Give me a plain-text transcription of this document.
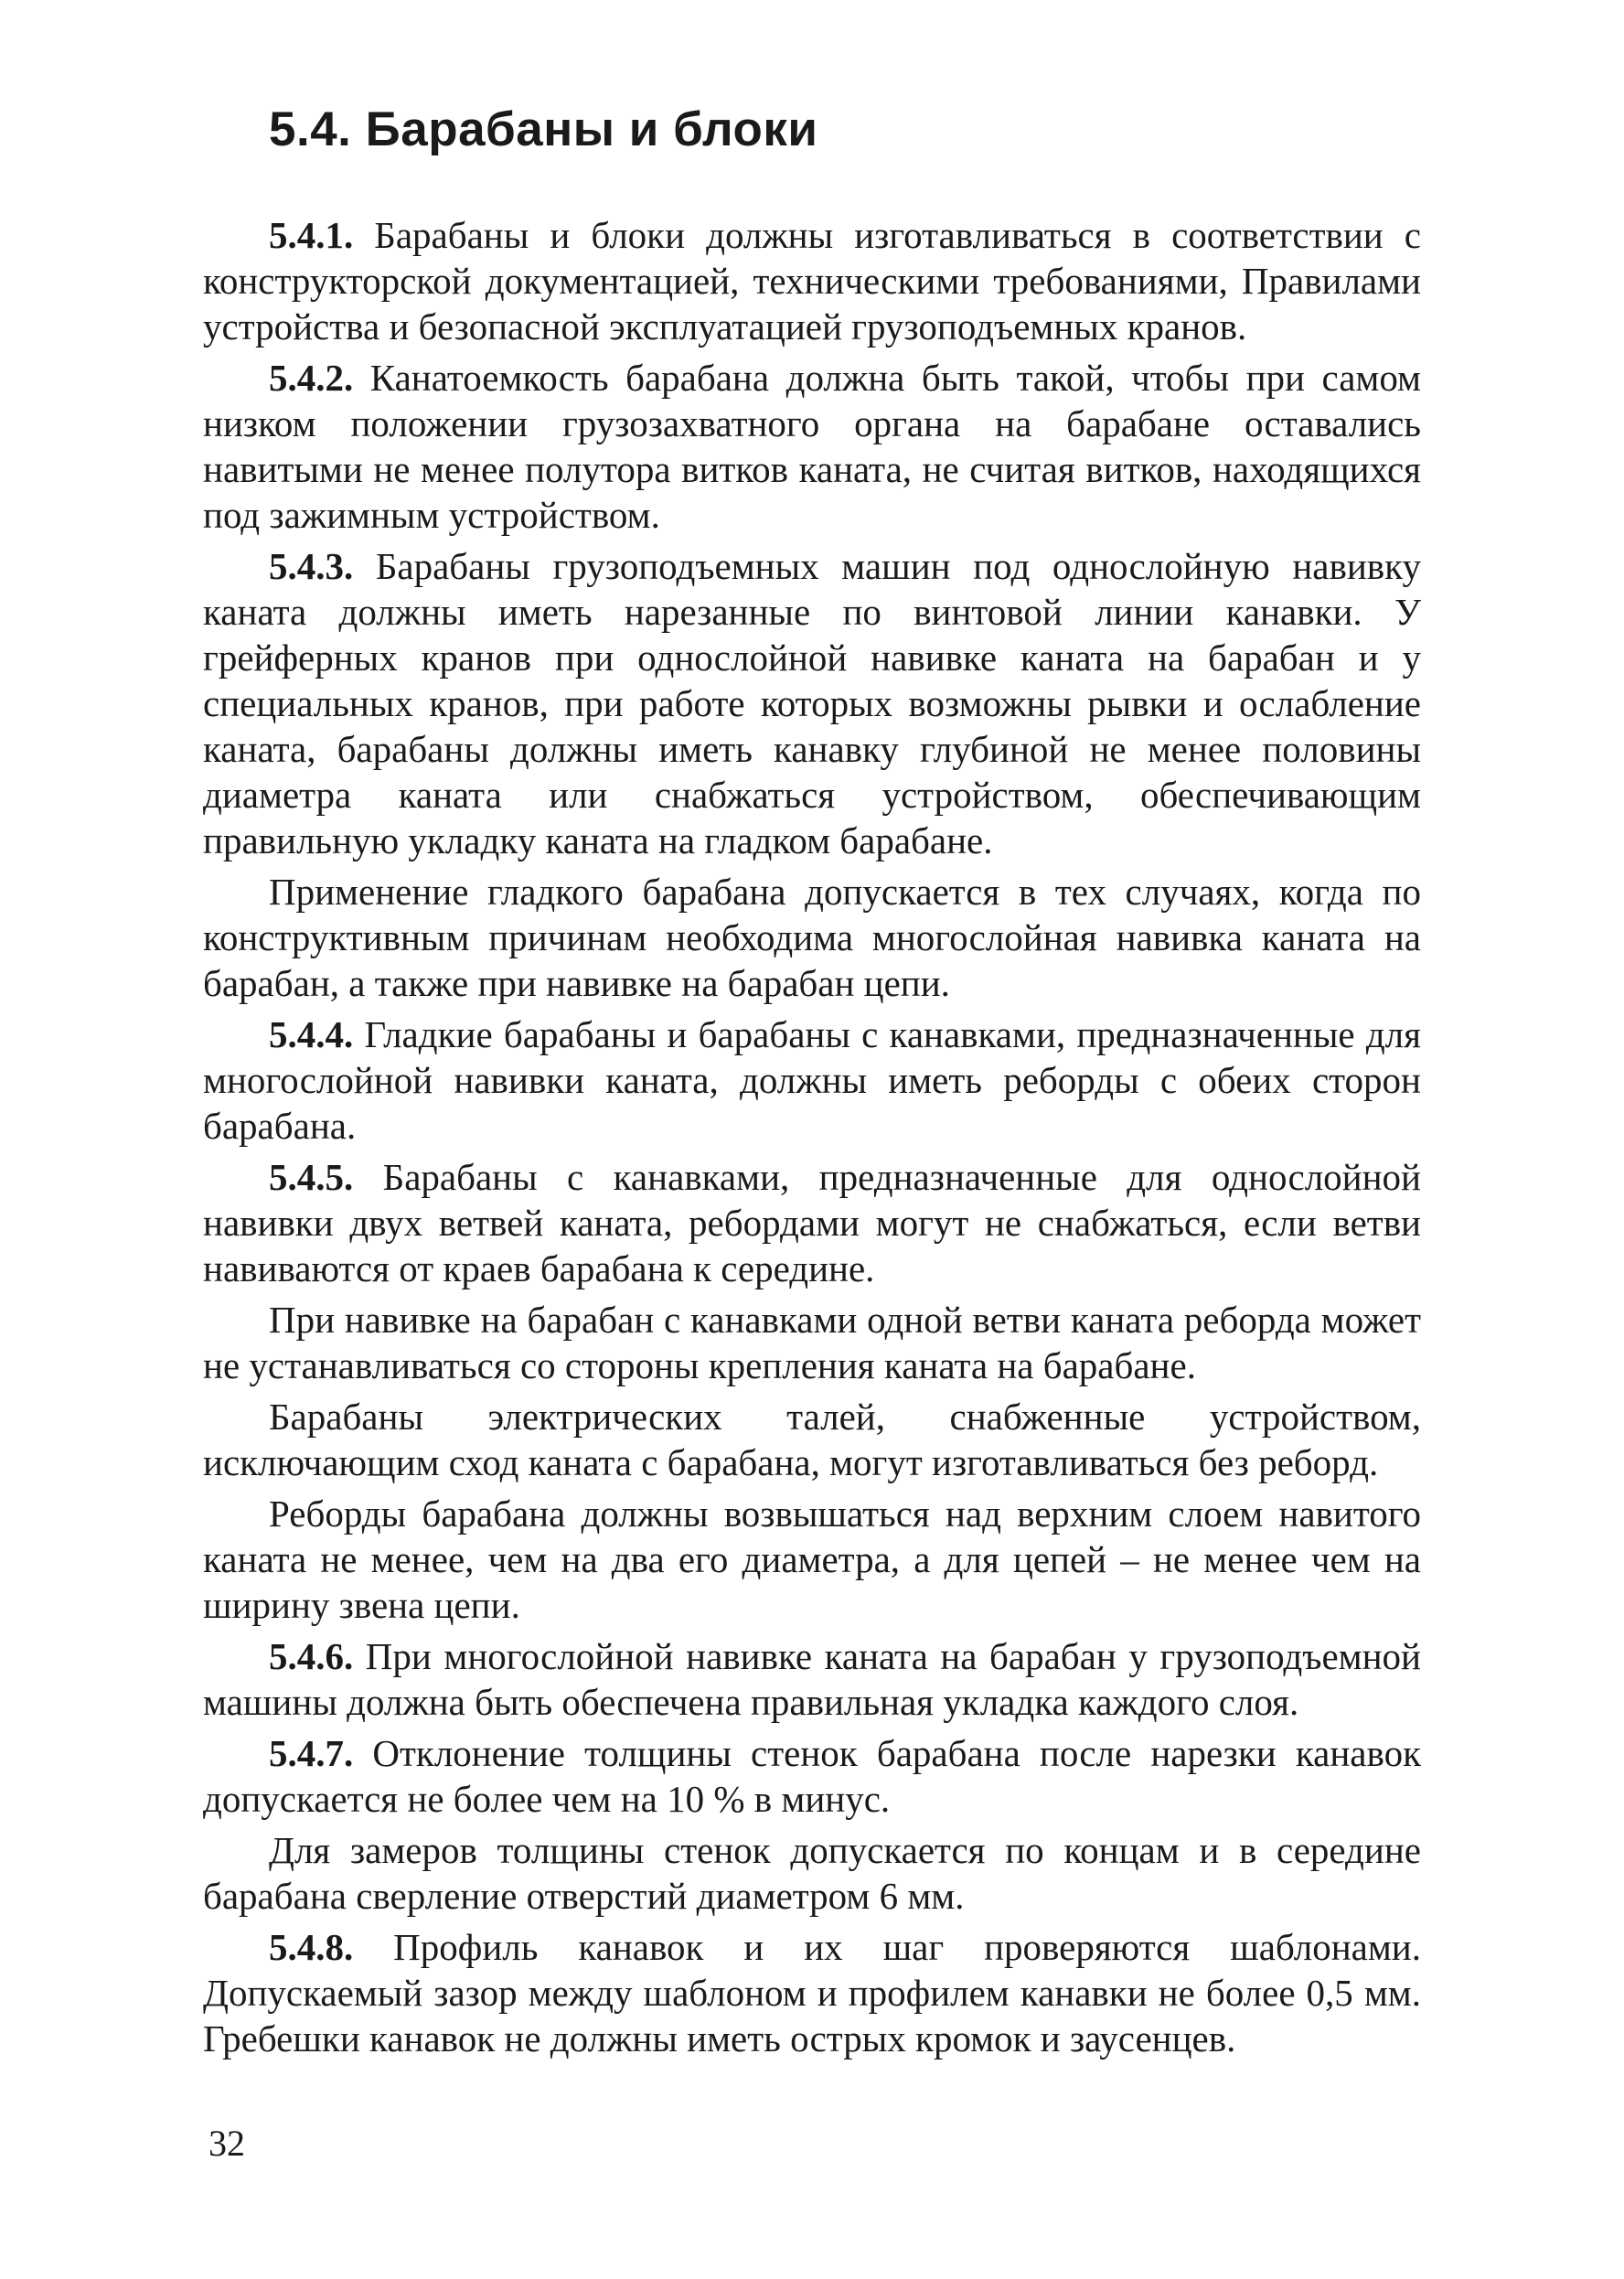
5.4. Барабаны и блоки

5.4.1. Барабаны и блоки должны изготавливаться в соответствии с конструкторской документацией, техническими требованиями, Правилами устройства и безопасной эксплуатацией грузоподъемных кранов.

5.4.2. Канатоемкость барабана должна быть такой, чтобы при самом низком положении грузозахватного органа на барабане оставались навитыми не менее полутора витков каната, не считая витков, находящихся под зажимным устройством.

5.4.3. Барабаны грузоподъемных машин под однослойную навивку каната должны иметь нарезанные по винтовой линии канавки. У грейферных кранов при однослойной навивке каната на барабан и у специальных кранов, при работе которых возможны рывки и ослабление каната, барабаны должны иметь канавку глубиной не менее половины диаметра каната или снабжаться устройством, обеспечивающим правильную укладку каната на гладком барабане.

Применение гладкого барабана допускается в тех случаях, когда по конструктивным причинам необходима многослойная навивка каната на барабан, а также при навивке на барабан цепи.

5.4.4. Гладкие барабаны и барабаны с канавками, предназначенные для многослойной навивки каната, должны иметь реборды с обеих сторон барабана.

5.4.5. Барабаны с канавками, предназначенные для однослойной навивки двух ветвей каната, ребордами могут не снабжаться, если ветви навиваются от краев барабана к середине.

При навивке на барабан с канавками одной ветви каната реборда может не устанавливаться со стороны крепления каната на барабане.

Барабаны электрических талей, снабженные устройством, исключающим сход каната с барабана, могут изготавливаться без реборд.

Реборды барабана должны возвышаться над верхним слоем навитого каната не менее, чем на два его диаметра, а для цепей – не менее чем на ширину звена цепи.

5.4.6. При многослойной навивке каната на барабан у грузоподъемной машины должна быть обеспечена правильная укладка каждого слоя.

5.4.7. Отклонение толщины стенок барабана после нарезки канавок допускается не более чем на 10 % в минус.

Для замеров толщины стенок допускается по концам и в середине барабана сверление отверстий диаметром 6 мм.

5.4.8. Профиль канавок и их шаг проверяются шаблонами. Допускаемый зазор между шаблоном и профилем канавки не более 0,5 мм. Гребешки канавок не должны иметь острых кромок и заусенцев.

32
